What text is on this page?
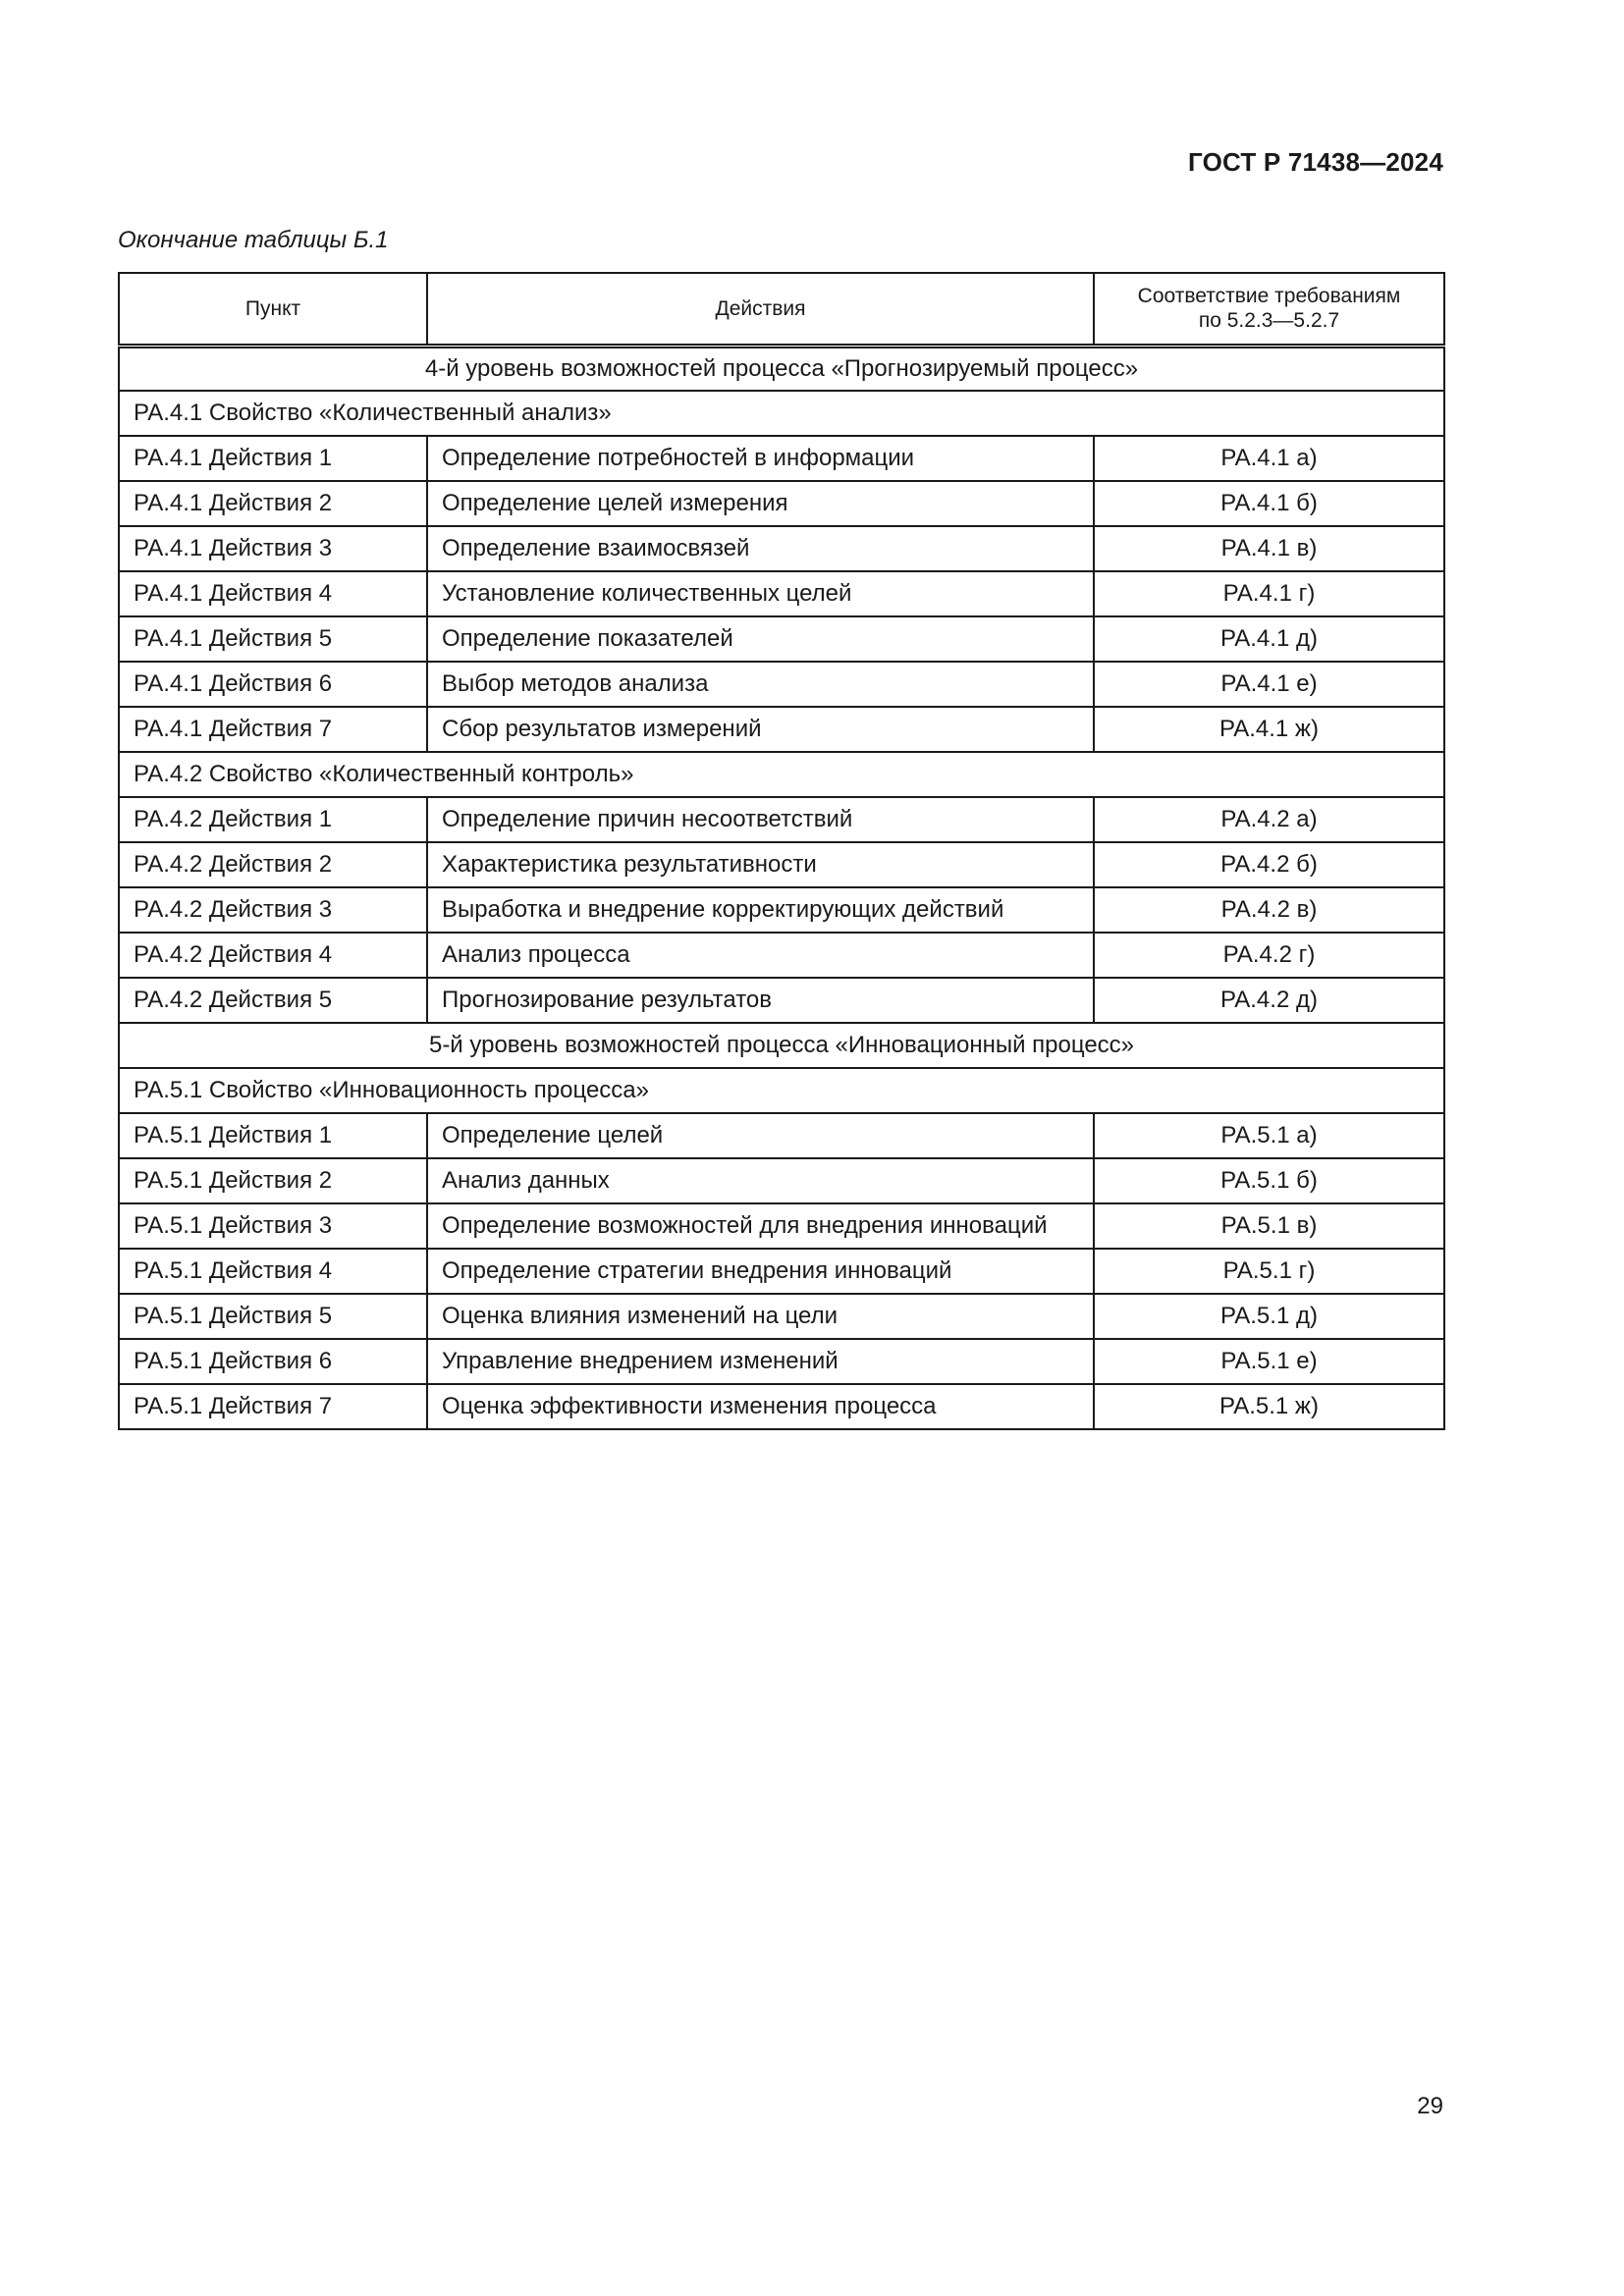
ГОСТ Р 71438—2024
Окончание таблицы Б.1
Пункт	Действия	Соответствие требованиям
по 5.2.3—5.2.7
4-й уровень возможностей процесса «Прогнозируемый процесс»		
PA.4.1 Свойство «Количественный анализ»		
PA.4.1 Действия 1	Определение потребностей в информации	PA.4.1 а)
PA.4.1 Действия 2	Определение целей измерения	PA.4.1 б)
PA.4.1 Действия 3	Определение взаимосвязей	PA.4.1 в)
PA.4.1 Действия 4	Установление количественных целей	PA.4.1 г)
PA.4.1 Действия 5	Определение показателей	PA.4.1 д)
PA.4.1 Действия 6	Выбор методов анализа	PA.4.1 е)
PA.4.1 Действия 7	Сбор результатов измерений	PA.4.1 ж)
PA.4.2 Свойство «Количественный контроль»		
PA.4.2 Действия 1	Определение причин несоответствий	PA.4.2 а)
PA.4.2 Действия 2	Характеристика результативности	PA.4.2 б)
PA.4.2 Действия 3	Выработка и внедрение корректирующих действий	PA.4.2 в)
PA.4.2 Действия 4	Анализ процесса	PA.4.2 г)
PA.4.2 Действия 5	Прогнозирование результатов	PA.4.2 д)
5-й уровень возможностей процесса «Инновационный процесс»		
PA.5.1 Свойство «Инновационность процесса»		
PA.5.1 Действия 1	Определение целей	PA.5.1 а)
PA.5.1 Действия 2	Анализ данных	PA.5.1 б)
PA.5.1 Действия 3	Определение возможностей для внедрения инноваций	PA.5.1 в)
PA.5.1 Действия 4	Определение стратегии внедрения инноваций	PA.5.1 г)
PA.5.1 Действия 5	Оценка влияния изменений на цели	PA.5.1 д)
PA.5.1 Действия 6	Управление внедрением изменений	PA.5.1 е)
PA.5.1 Действия 7	Оценка эффективности изменения процесса	PA.5.1 ж)
29
